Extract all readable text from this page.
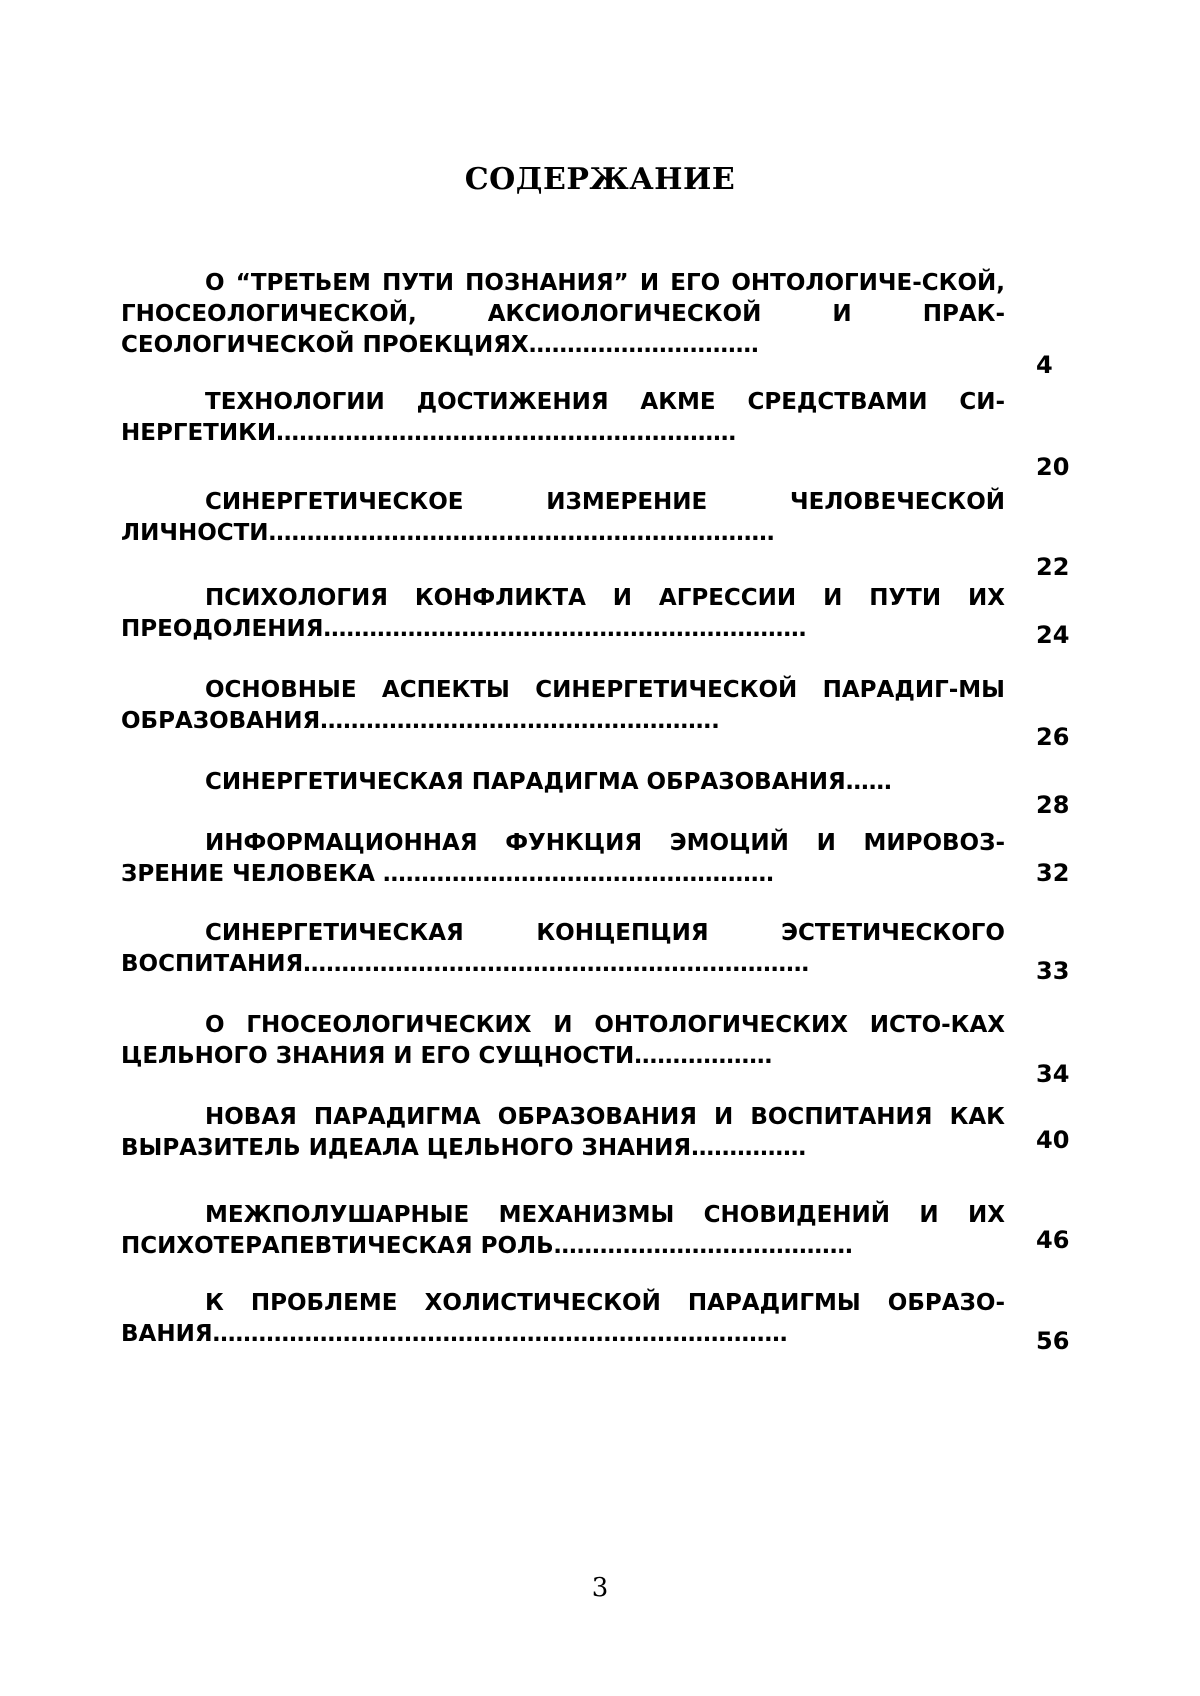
СОДЕРЖАНИЕ
О “ТРЕТЬЕМ ПУТИ ПОЗНАНИЯ” И ЕГО ОНТОЛОГИЧЕ-СКОЙ, ГНОСЕОЛОГИЧЕСКОЙ, АКСИОЛОГИЧЕСКОЙ И ПРАК-СЕОЛОГИЧЕСКОЙ ПРОЕКЦИЯХ…………………………
4
ТЕХНОЛОГИИ ДОСТИЖЕНИЯ АКМЕ СРЕДСТВАМИ СИ-НЕРГЕТИКИ……………………………………………………
20
СИНЕРГЕТИЧЕСКОЕ ИЗМЕРЕНИЕ ЧЕЛОВЕЧЕСКОЙ ЛИЧНОСТИ…………………………………………………………
22
ПСИХОЛОГИЯ КОНФЛИКТА И АГРЕССИИ И ПУТИ ИХ ПРЕОДОЛЕНИЯ………………………………………………………	24
ОСНОВНЫЕ АСПЕКТЫ СИНЕРГЕТИЧЕСКОЙ ПАРАДИГ-МЫ ОБРАЗОВАНИЯ…………………………………………….
26
СИНЕРГЕТИЧЕСКАЯ ПАРАДИГМА ОБРАЗОВАНИЯ……
28
ИНФОРМАЦИОННАЯ ФУНКЦИЯ ЭМОЦИЙ И МИРОВОЗ-ЗРЕНИЕ ЧЕЛОВЕКА ……………………………………………	32
СИНЕРГЕТИЧЕСКАЯ КОНЦЕПЦИЯ ЭСТЕТИЧЕСКОГО ВОСПИТАНИЯ…………………………………………………………	33
О ГНОСЕОЛОГИЧЕСКИХ И ОНТОЛОГИЧЕСКИХ ИСТО-КАХ ЦЕЛЬНОГО ЗНАНИЯ И ЕГО СУЩНОСТИ………………
34
НОВАЯ ПАРАДИГМА ОБРАЗОВАНИЯ И ВОСПИТАНИЯ КАК ВЫРАЗИТЕЛЬ ИДЕАЛА ЦЕЛЬНОГО ЗНАНИЯ……………	40
МЕЖПОЛУШАРНЫЕ МЕХАНИЗМЫ СНОВИДЕНИЙ И ИХ ПСИХОТЕРАПЕВТИЧЕСКАЯ РОЛЬ…………………………………	46
К ПРОБЛЕМЕ ХОЛИСТИЧЕСКОЙ ПАРАДИГМЫ ОБРАЗО-ВАНИЯ…………………………………………………………………	56
3
